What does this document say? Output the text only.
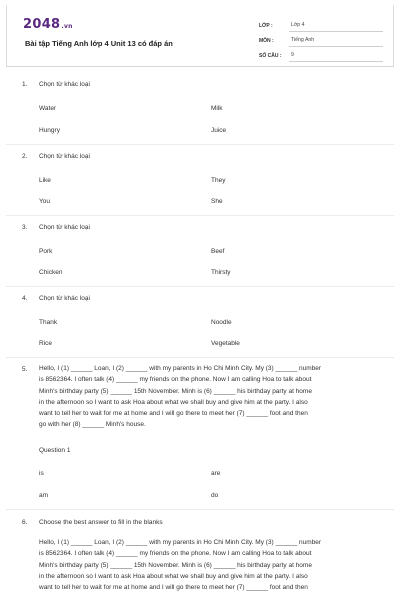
2048.vn
Bài tập Tiếng Anh lớp 4 Unit 13 có đáp án
LỚP :	Lớp 4
MÔN :	Tiếng Anh
SỐ CÂU :	9
1. Chọn từ khác loại
Water	Milk
Hungry	Juice
2. Chọn từ khác loại
Like	They
You	She
3. Chọn từ khác loại
Pork	Beef
Chicken	Thirsty
4. Chọn từ khác loại
Thank	Noodle
Rice	Vegetable
5.	Hello, I (1) ______ Loan, I (2) ______ with my parents in Ho Chi Minh City. My (3) ______ number
is 8562364. I often talk (4) ______ my friends on the phone. Now I am calling Hoa to talk about
Minh's birthday party (5) ______ 15th November. Minh is (6) ______ his birthday party at home
in the afternoon so I want to ask Hoa about what we shall buy and give him at the party. I also
want to tell her to wait for me at home and I will go there to meet her (7) ______ foot and then
go with her (8) ______ Minh's house.
Question 1
is	are
am	do
6. Choose the best answer to fill in the blanks
Hello, I (1) ______ Loan, I (2) ______ with my parents in Ho Chi Minh City. My (3) ______ number
is 8562364. I often talk (4) ______ my friends on the phone. Now I am calling Hoa to talk about
Minh's birthday party (5) ______ 15th November. Minh is (6) ______ his birthday party at home
in the afternoon so I want to ask Hoa about what we shall buy and give him at the party. I also
want to tell her to wait for me at home and I will go there to meet her (7) ______ foot and then
